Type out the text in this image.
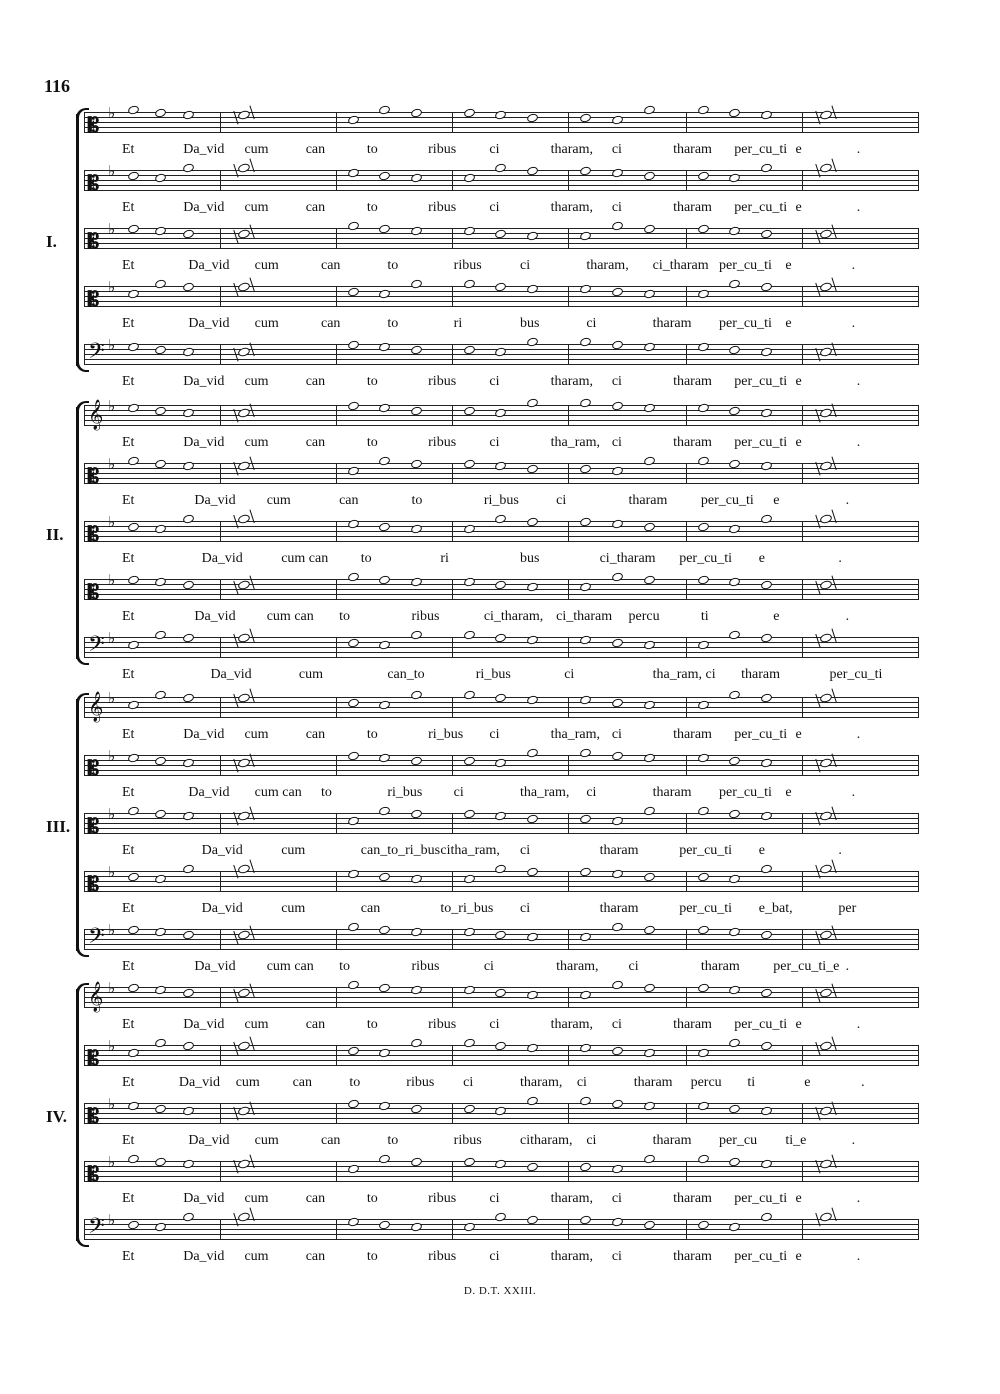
116
D. D.T. XXIII.
I.
𝄡 ♭
Et	Da_vid cum	can	to	ribus ci	tharam, ci	tharam per_cu_ti e	.
𝄡 ♭
Et	Da_vid cum	can	to	ribus ci	tharam, ci	tharam per_cu_ti e	.
𝄡 ♭
Et	Da_vid cum	can	to	ribus	ci	tharam, ci_tharam per_cu_ti e	.
𝄡 ♭
Et	Da_vid cum	can	to	ri	bus	ci	tharam per_cu_ti e	.
𝄢 ♭
Et	Da_vid cum	can	to	ribus ci	tharam, ci	tharam per_cu_ti e	.
II.
𝄞 ♭
Et	Da_vid cum	can	to	ribus ci	tha_ram, ci	tharam per_cu_ti e	.
𝄡 ♭
Et	Da_vid cum	can	to	ri_bus	ci	tharam per_cu_ti e	.
𝄡 ♭
Et	Da_vid	cum can to	ri	bus	ci_tharam per_cu_ti e	.
𝄡 ♭
Et	Da_vid cum can to	ribus	ci_tharam, ci_tharam percu	ti	e	.
𝄢 ♭
Et	Da_vid	cum	can_to	ri_bus	ci	tha_ram, ci tharam	per_cu_ti
III.
𝄞 ♭
Et	Da_vid cum	can	to	ri_bus ci	tha_ram, ci	tharam per_cu_ti e	.
𝄡 ♭
Et	Da_vid cum can to	ri_bus ci	tha_ram, ci	tharam per_cu_ti e	.
𝄡 ♭
Et	Da_vid	cum	can_to_ri_bus citha_ram, ci	tharam	per_cu_ti e	.
𝄡 ♭
Et	Da_vid	cum	can	to_ri_bus ci	tharam	per_cu_ti e_bat,	per
𝄢 ♭
Et	Da_vid cum can to	ribus	ci	tharam, ci	tharam per_cu_ti_e .
IV.
𝄞 ♭
Et	Da_vid cum	can	to	ribus ci	tharam, ci	tharam per_cu_ti e	.
𝄡 ♭
Et	Da_vid cum can	to	ribus ci	tharam, ci	tharam percu ti	e	.
𝄡 ♭
Et	Da_vid cum	can	to	ribus	citharam, ci	tharam per_cu ti_e	.
𝄡 ♭
Et	Da_vid cum	can	to	ribus ci	tharam, ci	tharam per_cu_ti e	.
𝄢 ♭
Et	Da_vid cum	can	to	ribus ci	tharam, ci	tharam per_cu_ti e	.
